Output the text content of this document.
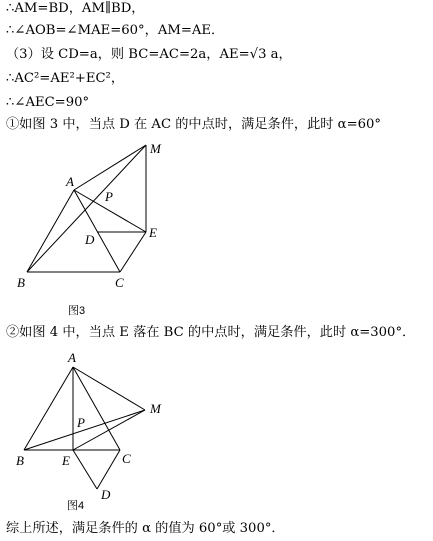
∴AM=BD，AM∥BD，
∴∠AOB=∠MAE=60°，AM=AE．
（3）设 CD=a，则 BC=AC=2a，AE=√3 a，
∴AC²=AE²+EC²，
∴∠AEC=90°
①如图 3 中，当点 D 在 AC 的中点时，满足条件，此时 α=60°
M
A
P
D	E
B	C
图3
②如图 4 中，当点 E 落在 BC 的中点时，满足条件，此时 α=300°．
A
M
P
B	E	C
D
图4
综上所述，满足条件的 α 的值为 60°或 300°．
